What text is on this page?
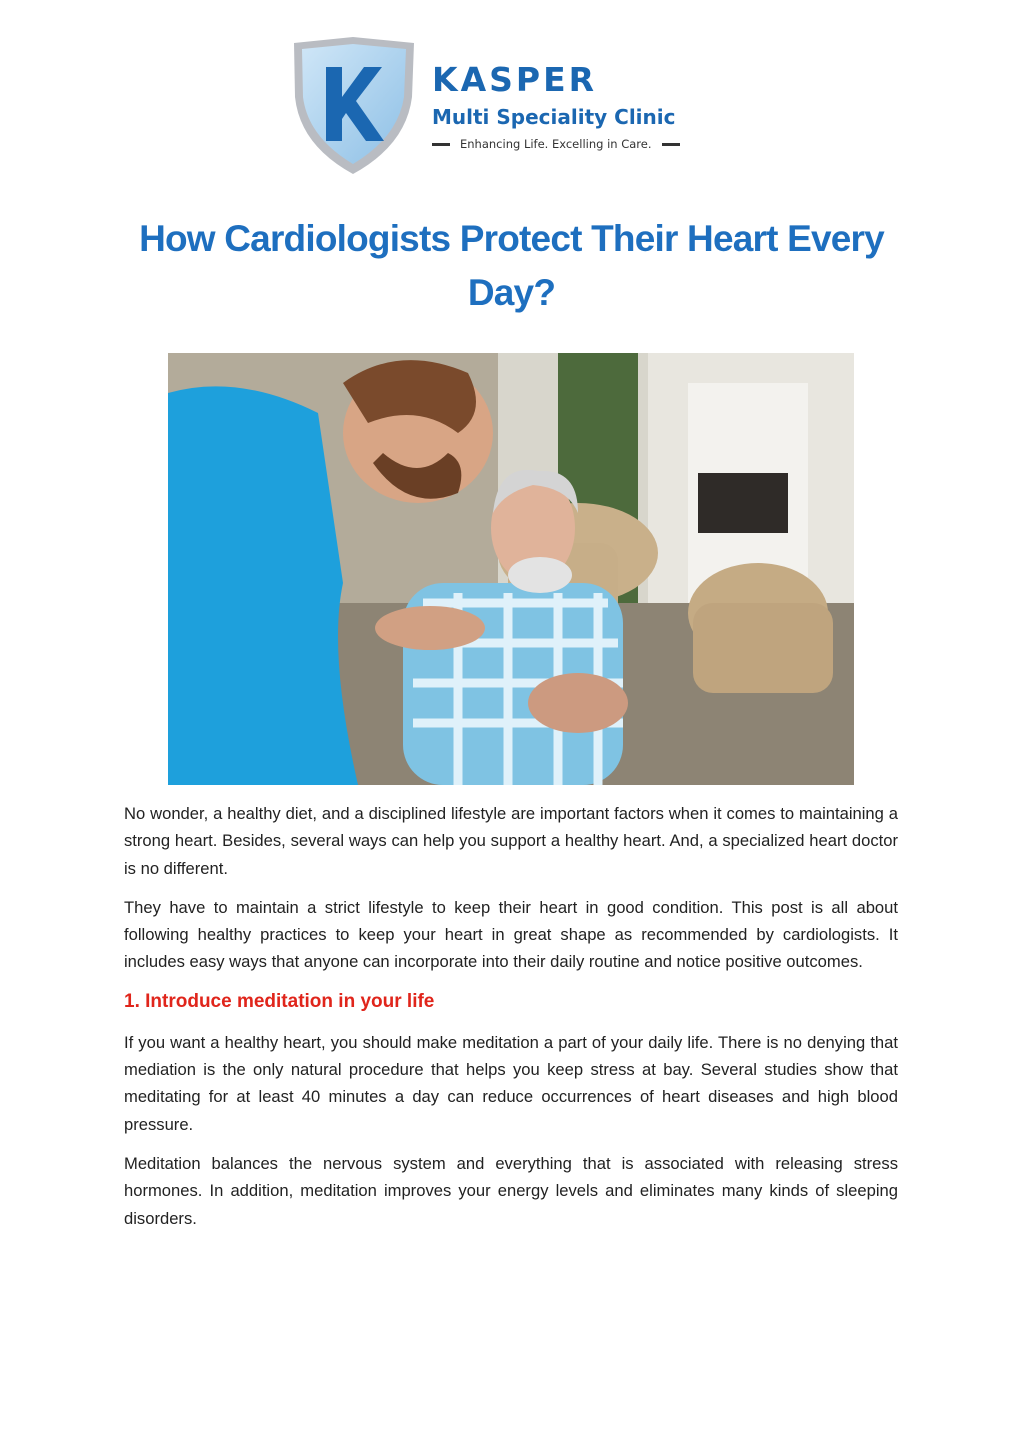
KASPER
Multi Speciality Clinic
Enhancing Life. Excelling in Care.
How Cardiologists Protect Their Heart Every Day?

No wonder, a healthy diet, and a disciplined lifestyle are important factors when it comes to maintaining a strong heart. Besides, several ways can help you support a healthy heart. And, a specialized heart doctor is no different.

They have to maintain a strict lifestyle to keep their heart in good condition. This post is all about following healthy practices to keep your heart in great shape as recommended by cardiologists. It includes easy ways that anyone can incorporate into their daily routine and notice positive outcomes.

1. Introduce meditation in your life

If you want a healthy heart, you should make meditation a part of your daily life. There is no denying that mediation is the only natural procedure that helps you keep stress at bay. Several studies show that meditating for at least 40 minutes a day can reduce occurrences of heart diseases and high blood pressure.

Meditation balances the nervous system and everything that is associated with releasing stress hormones. In addition, meditation improves your energy levels and eliminates many kinds of sleeping disorders.
